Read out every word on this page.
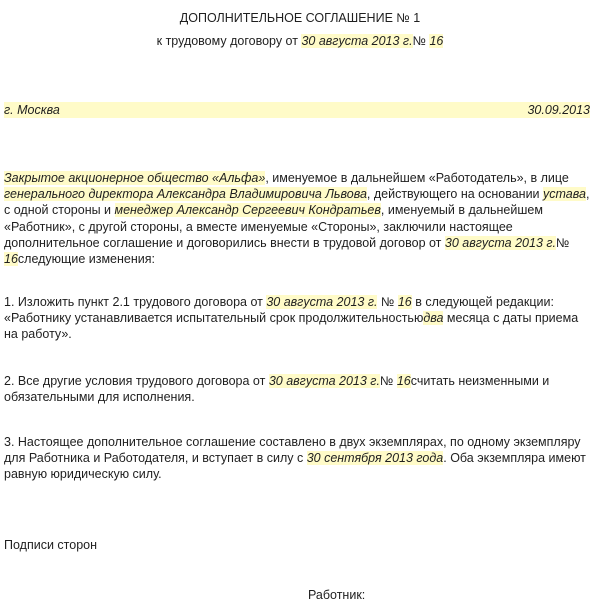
ДОПОЛНИТЕЛЬНОЕ СОГЛАШЕНИЕ № 1
к трудовому договору от 30 августа 2013 г.№ 16
г. Москва	30.09.2013
Закрытое акционерное общество «Альфа», именуемое в дальнейшем «Работодатель», в лице генерального директора Александра Владимировича Львова, действующего на основании устава, с одной стороны и менеджер Александр Сергеевич Кондратьев, именуемый в дальнейшем «Работник», с другой стороны, а вместе именуемые «Стороны», заключили настоящее дополнительное соглашение и договорились внести в трудовой договор от 30 августа 2013 г.№ 16следующие изменения:
1. Изложить пункт 2.1 трудового договора от 30 августа 2013 г. № 16 в следующей редакции: «Работнику устанавливается испытательный срок продолжительностьюдва месяца с даты приема на работу».
2. Все другие условия трудового договора от 30 августа 2013 г.№ 16считать неизменными и обязательными для исполнения.
3. Настоящее дополнительное соглашение составлено в двух экземплярах, по одному экземпляру для Работника и Работодателя, и вступает в силу с 30 сентября 2013 года. Оба экземпляра имеют равную юридическую силу.
Подписи сторон
Работник:
